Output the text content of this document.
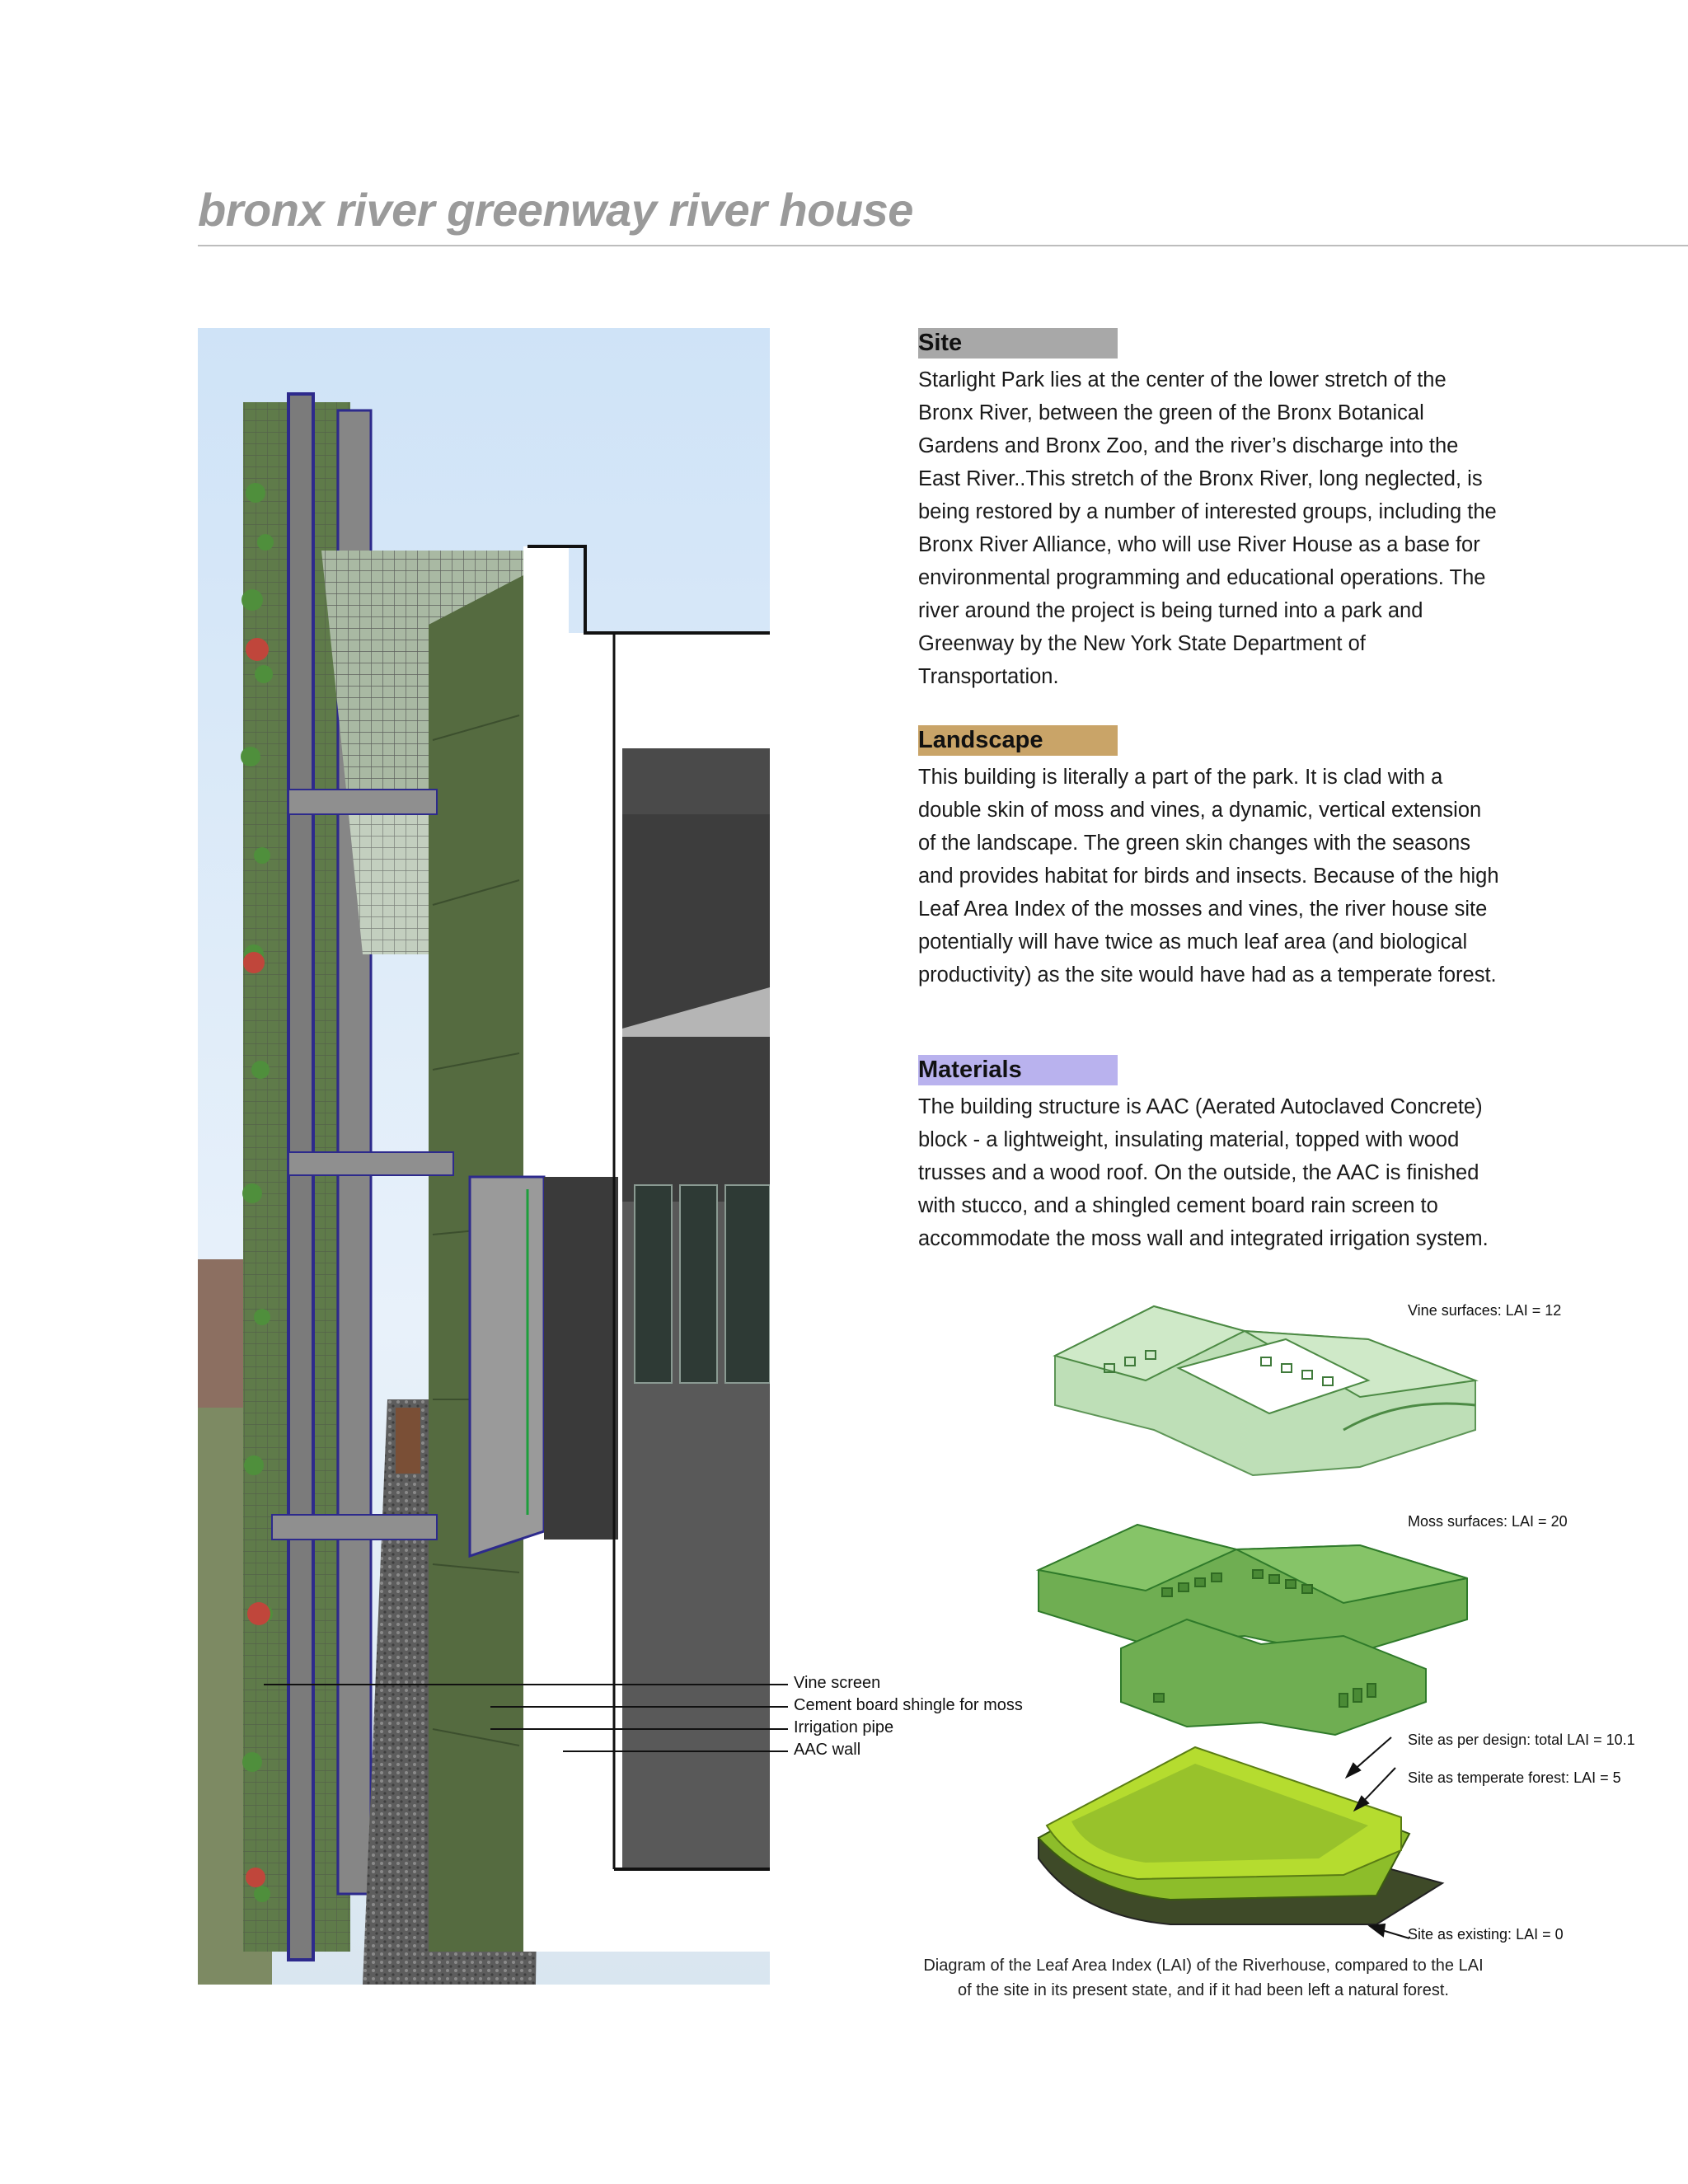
bronx river greenway river house
Vine screen
Cement board shingle for moss
Irrigation pipe
AAC wall
Site

Starlight Park lies at the center of the lower stretch of the Bronx River, between the green of the Bronx Botanical Gardens and Bronx Zoo, and the river’s discharge into the East River..This stretch of the Bronx River, long neglected, is being restored by a number of interested groups, including the Bronx River Alliance, who will use River House as a base for environmental programming and educational operations. The river around the project is being turned into a park and Greenway by the New York State Department of Transportation.

Landscape

This building is literally a part of the park. It is clad with a double skin of moss and vines, a dynamic, vertical extension of the landscape. The green skin changes with the seasons and provides habitat for birds and insects. Because of the high Leaf Area Index of the mosses and vines, the river house site potentially will have twice as much leaf area (and biological productivity) as the site would have had as a temperate forest.

Materials

The building structure is AAC (Aerated Autoclaved Concrete) block - a lightweight, insulating material, topped with wood trusses and a wood roof. On the outside, the AAC is finished with stucco, and a shingled cement board rain screen to accommodate the moss wall and integrated irrigation system.

Vine surfaces: LAI = 12
Moss surfaces: LAI = 20
Site as per design: total LAI = 10.1
Site as temperate forest: LAI = 5
Site as existing: LAI = 0
Diagram of the Leaf Area Index (LAI) of the Riverhouse, compared to the LAI
of the site in its present state, and if it had been left a natural forest.
